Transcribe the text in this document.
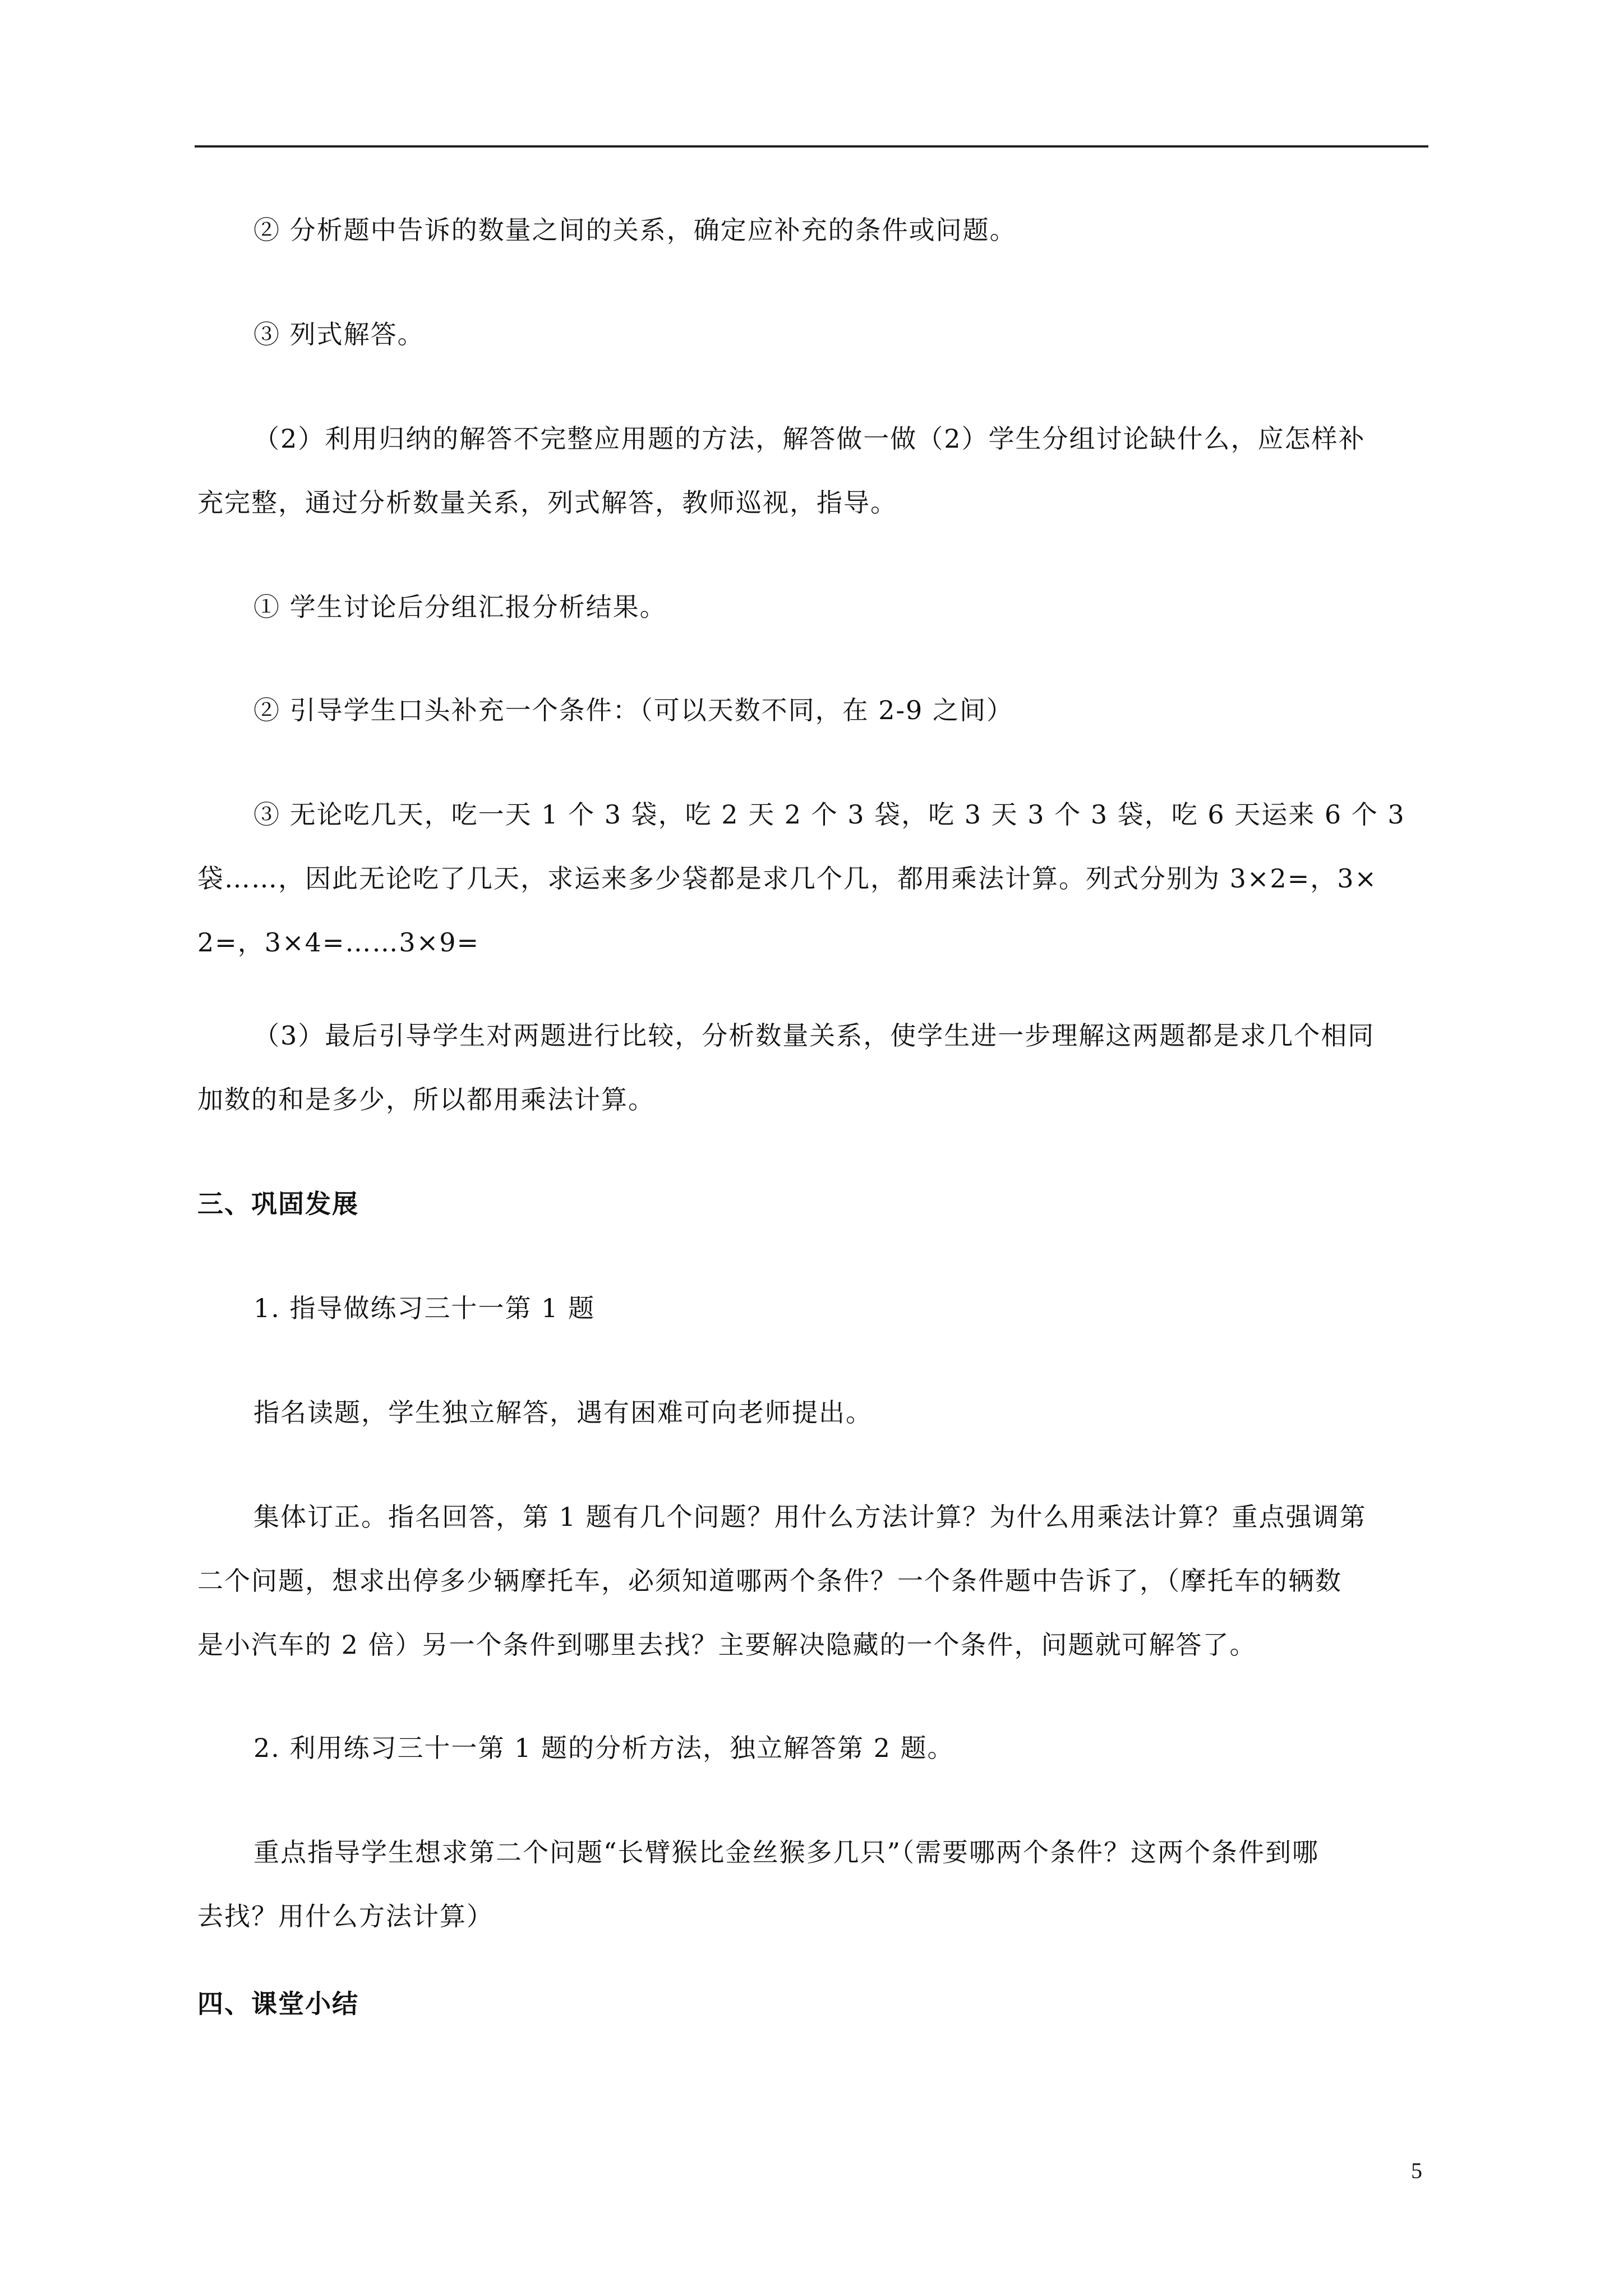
② 分析题中告诉的数量之间的关系，确定应补充的条件或问题。
③ 列式解答。
（2）利用归纳的解答不完整应用题的方法，解答做一做（2）学生分组讨论缺什么，应怎样补
充完整，通过分析数量关系，列式解答，教师巡视，指导。
① 学生讨论后分组汇报分析结果。
② 引导学生口头补充一个条件：（可以天数不同，在 2-9 之间）
③ 无论吃几天，吃一天 1 个 3 袋，吃 2 天 2 个 3 袋，吃 3 天 3 个 3 袋，吃 6 天运来 6 个 3
袋……，因此无论吃了几天，求运来多少袋都是求几个几，都用乘法计算。列式分别为 3×2=，3×
2=，3×4=……3×9=
（3）最后引导学生对两题进行比较，分析数量关系，使学生进一步理解这两题都是求几个相同
加数的和是多少，所以都用乘法计算。
三、巩固发展
1. 指导做练习三十一第 1 题
指名读题，学生独立解答，遇有困难可向老师提出。
集体订正。指名回答，第 1 题有几个问题？用什么方法计算？为什么用乘法计算？重点强调第
二个问题，想求出停多少辆摩托车，必须知道哪两个条件？一个条件题中告诉了，（摩托车的辆数
是小汽车的 2 倍）另一个条件到哪里去找？主要解决隐藏的一个条件，问题就可解答了。
2. 利用练习三十一第 1 题的分析方法，独立解答第 2 题。
重点指导学生想求第二个问题“长臂猴比金丝猴多几只”（需要哪两个条件？这两个条件到哪
去找？用什么方法计算）
四、课堂小结
5
